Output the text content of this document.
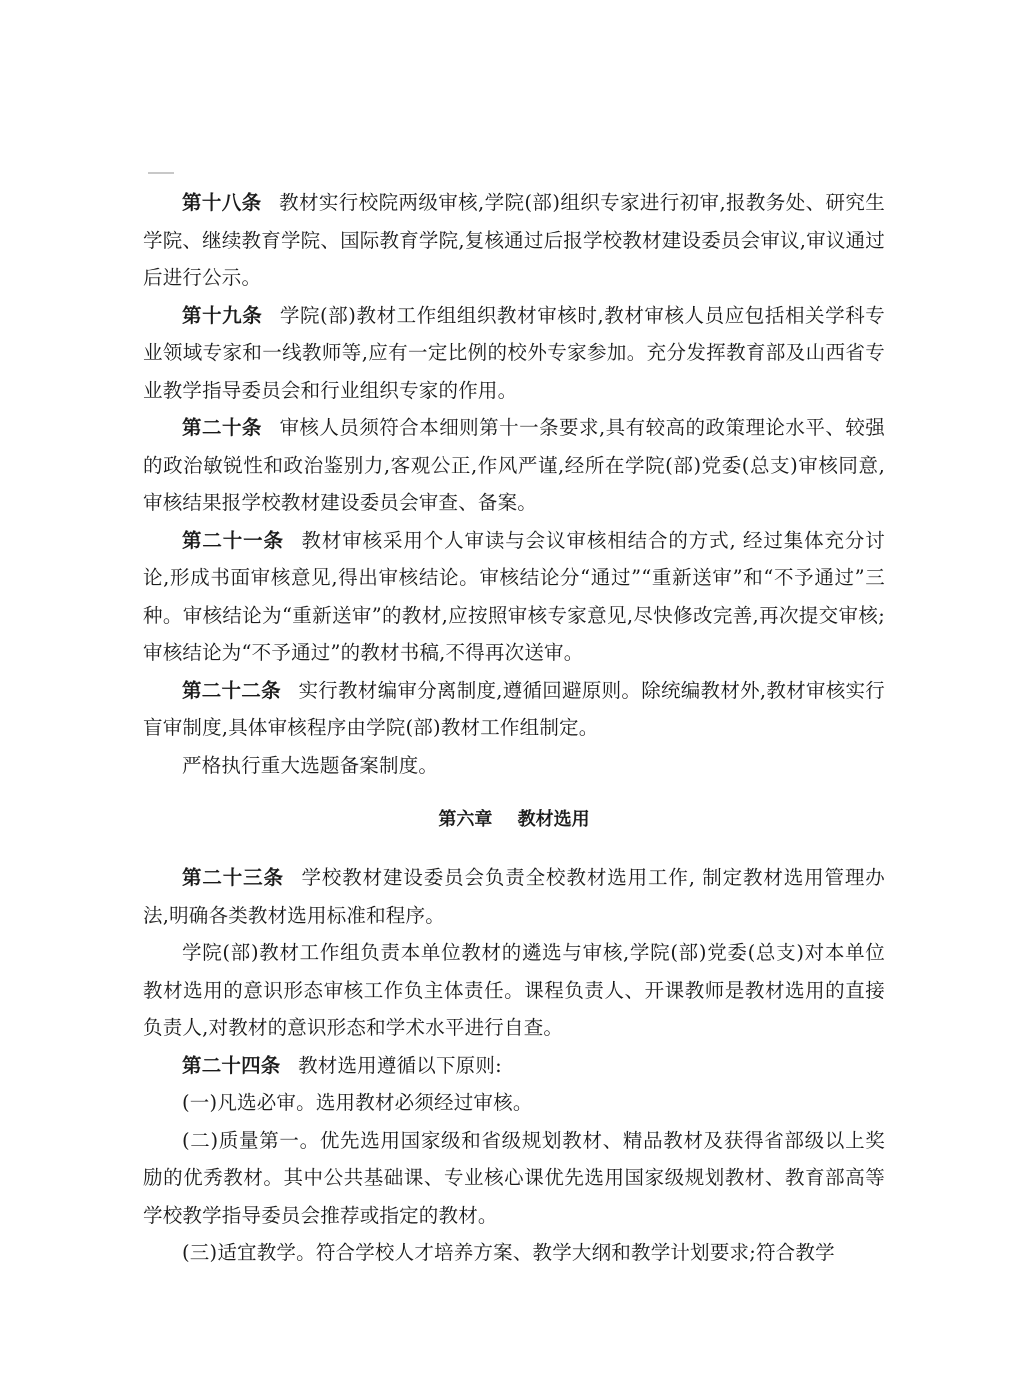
第十八条 教材实行校院两级审核,学院(部)组织专家进行初审,报教务处、研究生学院、继续教育学院、国际教育学院,复核通过后报学校教材建设委员会审议,审议通过后进行公示。

第十九条 学院(部)教材工作组组织教材审核时,教材审核人员应包括相关学科专业领域专家和一线教师等,应有一定比例的校外专家参加。充分发挥教育部及山西省专业教学指导委员会和行业组织专家的作用。

第二十条 审核人员须符合本细则第十一条要求,具有较高的政策理论水平、较强的政治敏锐性和政治鉴别力,客观公正,作风严谨,经所在学院(部)党委(总支)审核同意,审核结果报学校教材建设委员会审查、备案。

第二十一条 教材审核采用个人审读与会议审核相结合的方式, 经过集体充分讨论,形成书面审核意见,得出审核结论。审核结论分“通过”“重新送审”和“不予通过”三种。审核结论为“重新送审”的教材,应按照审核专家意见,尽快修改完善,再次提交审核;审核结论为“不予通过”的教材书稿,不得再次送审。

第二十二条 实行教材编审分离制度,遵循回避原则。除统编教材外,教材审核实行盲审制度,具体审核程序由学院(部)教材工作组制定。

严格执行重大选题备案制度。

第六章 教材选用

第二十三条 学校教材建设委员会负责全校教材选用工作, 制定教材选用管理办法,明确各类教材选用标准和程序。

学院(部)教材工作组负责本单位教材的遴选与审核,学院(部)党委(总支)对本单位教材选用的意识形态审核工作负主体责任。课程负责人、开课教师是教材选用的直接负责人,对教材的意识形态和学术水平进行自查。

第二十四条 教材选用遵循以下原则:

(一)凡选必审。选用教材必须经过审核。

(二)质量第一。优先选用国家级和省级规划教材、精品教材及获得省部级以上奖励的优秀教材。其中公共基础课、专业核心课优先选用国家级规划教材、教育部高等学校教学指导委员会推荐或指定的教材。

(三)适宜教学。符合学校人才培养方案、教学大纲和教学计划要求;符合教学
